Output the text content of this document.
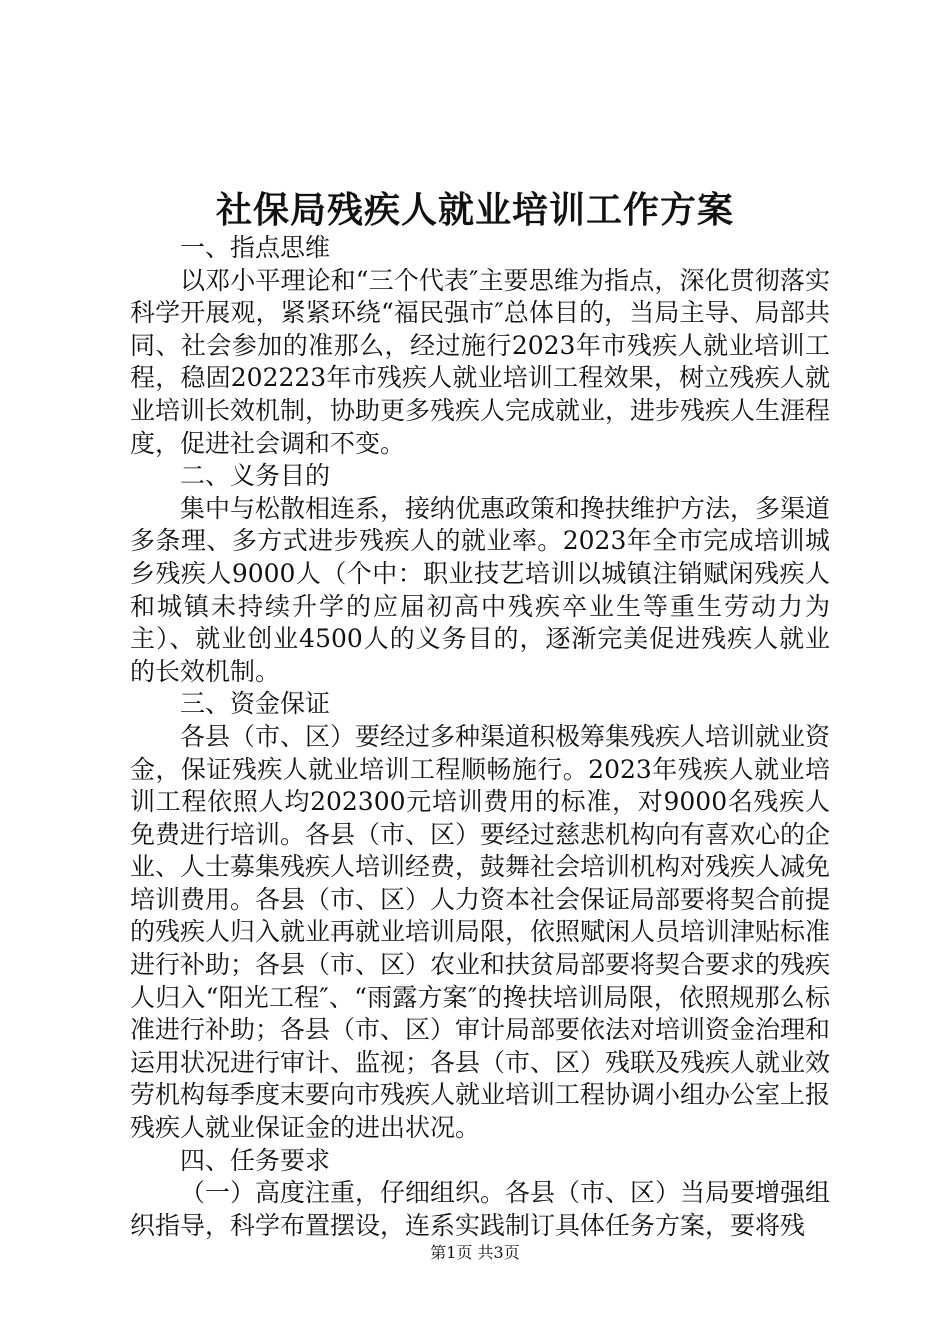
社保局残疾人就业培训工作方案

一、指点思维

以邓小平理论和“三个代表″主要思维为指点，深化贯彻落实科学开展观，紧紧环绕“福民强市″总体目的，当局主导、局部共同、社会参加的准那么，经过施行2023年市残疾人就业培训工程，稳固202223年市残疾人就业培训工程效果，树立残疾人就业培训长效机制，协助更多残疾人完成就业，进步残疾人生涯程度，促进社会调和不变。

二、义务目的

集中与松散相连系，接纳优惠政策和搀扶维护方法，多渠道多条理、多方式进步残疾人的就业率。2023年全市完成培训城乡残疾人9000人（个中：职业技艺培训以城镇注销赋闲残疾人和城镇未持续升学的应届初高中残疾卒业生等重生劳动力为主）、就业创业4500人的义务目的，逐渐完美促进残疾人就业的长效机制。

三、资金保证

各县（市、区）要经过多种渠道积极筹集残疾人培训就业资金，保证残疾人就业培训工程顺畅施行。2023年残疾人就业培训工程依照人均202300元培训费用的标准，对9000名残疾人免费进行培训。各县（市、区）要经过慈悲机构向有喜欢心的企业、人士募集残疾人培训经费，鼓舞社会培训机构对残疾人减免培训费用。各县（市、区）人力资本社会保证局部要将契合前提的残疾人归入就业再就业培训局限，依照赋闲人员培训津贴标准进行补助；各县（市、区）农业和扶贫局部要将契合要求的残疾人归入“阳光工程″、“雨露方案″的搀扶培训局限，依照规那么标准进行补助；各县（市、区）审计局部要依法对培训资金治理和运用状况进行审计、监视；各县（市、区）残联及残疾人就业效劳机构每季度末要向市残疾人就业培训工程协调小组办公室上报残疾人就业保证金的进出状况。

四、任务要求

（一）高度注重，仔细组织。各县（市、区）当局要增强组织指导，科学布置摆设，连系实践制订具体任务方案，要将残

第1页 共3页
